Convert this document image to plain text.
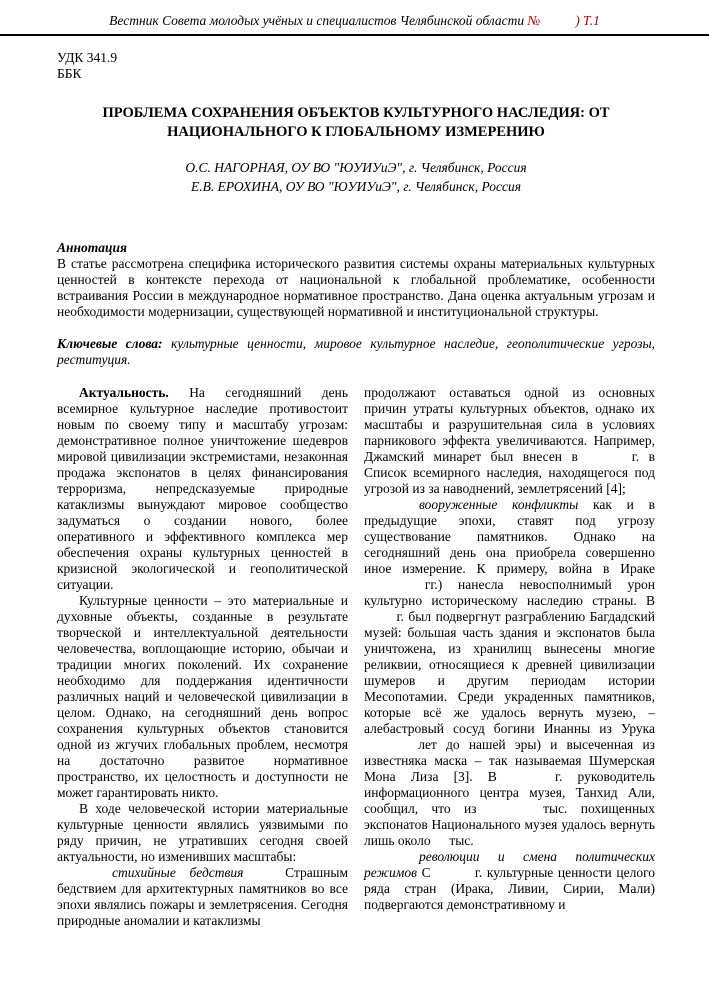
Вестник Совета молодых учёных и специалистов Челябинской области №	) Т.1
УДК 341.9
ББК
ПРОБЛЕМА СОХРАНЕНИЯ ОБЪЕКТОВ КУЛЬТУРНОГО НАСЛЕДИЯ: ОТ НАЦИОНАЛЬНОГО К ГЛОБАЛЬНОМУ ИЗМЕРЕНИЮ
О.С. НАГОРНАЯ, ОУ ВО "ЮУИУиЭ", г. Челябинск, Россия
Е.В. ЕРОХИНА, ОУ ВО "ЮУИУиЭ", г. Челябинск, Россия
Аннотация

В статье рассмотрена специфика исторического развития системы охраны материальных культурных ценностей в контексте перехода от национальной к глобальной проблематике, особенности встраивания России в международное нормативное пространство. Дана оценка актуальным угрозам и необходимости модернизации, существующей нормативной и институциональной структуры.

Ключевые слова: культурные ценности, мировое культурное наследие, геополитические угрозы, реституция.

Актуальность. На сегодняшний день всемирное культурное наследие противостоит новым по своему типу и масштабу угрозам: демонстративное полное уничтожение шедевров мировой цивилизации экстремистами, незаконная продажа экспонатов в целях финансирования терроризма, непредсказуемые природные катаклизмы вынуждают мировое сообщество задуматься о создании нового, более оперативного и эффективного комплекса мер обеспечения охраны культурных ценностей в кризисной экологической и геополитической ситуации.

Культурные ценности – это материальные и духовные объекты, созданные в результате творческой и интеллектуальной деятельности человечества, воплощающие историю, обычаи и традиции многих поколений. Их сохранение необходимо для поддержания идентичности различных наций и человеческой цивилизации в целом. Однако, на сегодняшний день вопрос сохранения культурных объектов становится одной из жгучих глобальных проблем, несмотря на достаточно развитое нормативное пространство, их целостность и доступности не может гарантировать никто.

В ходе человеческой истории материальные культурные ценности являлись уязвимыми по ряду причин, не утративших сегодня своей актуальности, но изменивших масштабы:

стихийные бедствия	Страшным бедствием для архитектурных памятников во все эпохи являлись пожары и землетрясения. Сегодня природные аномалии и катаклизмы

продолжают оставаться одной из основных причин утраты культурных объектов, однако их масштабы и разрушительная сила в условиях парникового эффекта увеличиваются. Например, Джамский минарет был внесен в	г. в Список всемирного наследия, находящегося под угрозой из за наводнений, землетрясений [4];

вооруженные конфликты как и в предыдущие эпохи, ставят под угрозу существование памятников. Однако на сегодняшний день она приобрела совершенно иное измерение. К примеру, война в Ираке  гг.) нанесла невосполнимый урон культурно историческому наследию страны. В  г. был подвергнут разграблению Багдадский музей: большая часть здания и экспонатов была уничтожена, из хранилищ вынесены многие реликвии, относящиеся к древней цивилизации шумеров и другим периодам истории Месопотамии. Среди украденных памятников, которые всё же удалось вернуть музею, – алебастровый сосуд богини Инанны из Урука  лет до нашей эры) и высеченная из известняка маска – так называемая Шумерская Мона Лиза [3]. В	г. руководитель информационного центра музея, Танхид Али, сообщил, что из	тыс. похищенных экспонатов Национального музея удалось вернуть лишь около тыс.

революции и смена политических режимов С	г. культурные ценности целого ряда стран (Ирака, Ливии, Сирии, Мали) подвергаются демонстративному и
